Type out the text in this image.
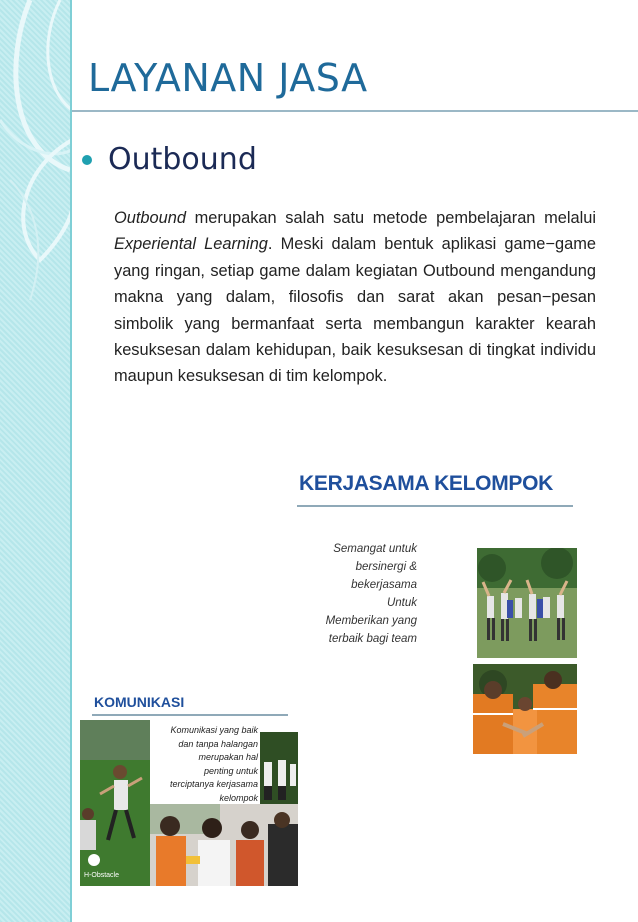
LAYANAN JASA
Outbound

Outbound merupakan salah satu metode pembelajaran melalui Experiental Learning. Meski dalam bentuk aplikasi game−game yang ringan, setiap game dalam kegiatan Outbound mengandung makna yang dalam, filosofis dan sarat akan pesan−pesan simbolik yang bermanfaat serta membangun karakter kearah kesuksesan dalam kehidupan, baik kesuksesan di tingkat individu maupun kesuksesan di tim kelompok.

KERJASAMA KELOMPOK
Semangat untuk
bersinergi &
bekerjasama
Untuk
Memberikan yang
terbaik bagi team
KOMUNIKASI
H-Obstacle
Komunikasi yang baik
dan tanpa halangan
merupakan hal
penting untuk
terciptanya kerjasama
kelompok
